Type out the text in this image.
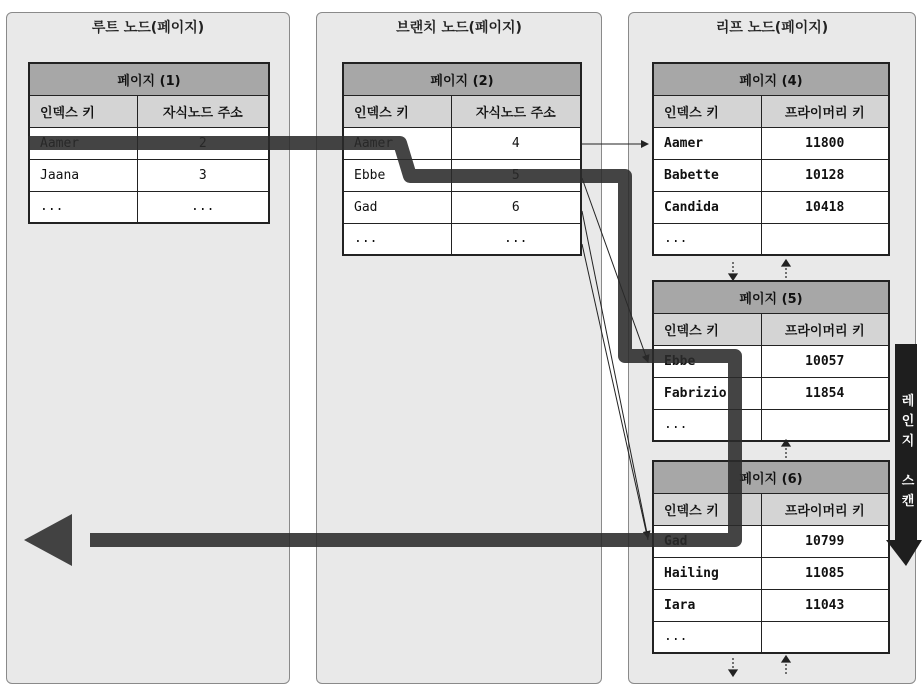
루트 노드(페이지)	브랜치 노드(페이지)	리프 노드(페이지)
페이지 (1)	
인덱스 키	자식노드 주소
Aamer	2
Jaana	3
...	...
페이지 (2)	
인덱스 키	자식노드 주소
Aamer	4
Ebbe	5
Gad	6
...	...
페이지 (4)	
인덱스 키	프라이머리 키
Aamer	11800
Babette	10128
Candida	10418
...	
페이지 (5)	
인덱스 키	프라이머리 키
Ebbe	10057
Fabrizio	11854
...	
페이지 (6)	
인덱스 키	프라이머리 키
Gad	10799
Hailing	11085
Iara	11043
...	
레
인
지

스
캔
